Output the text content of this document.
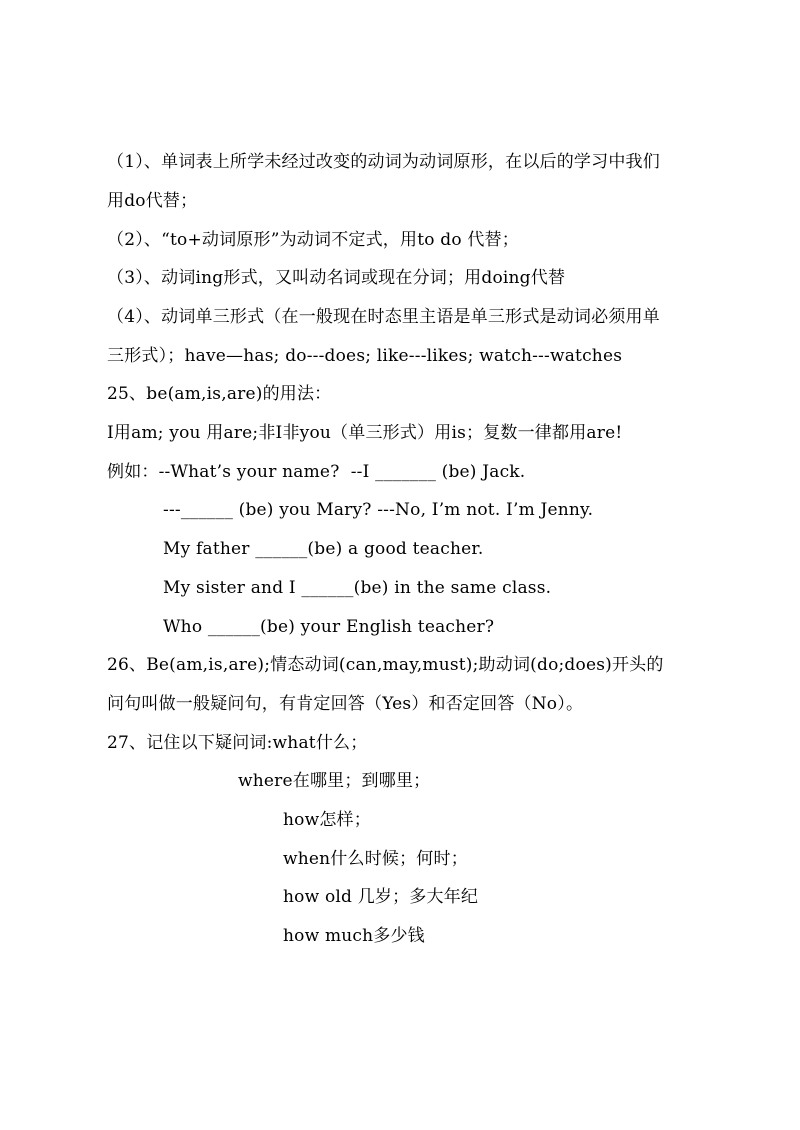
（1）、单词表上所学未经过改变的动词为动词原形，在以后的学习中我们
用do代替；
（2）、“to+动词原形”为动词不定式，用to do 代替；
（3）、动词ing形式，又叫动名词或现在分词；用doing代替
（4）、动词单三形式（在一般现在时态里主语是单三形式是动词必须用单
三形式）；have—has; do---does; like---likes; watch---watches
25、be(am,is,are)的用法：
I用am; you 用are;非I非you（单三形式）用is；复数一律都用are!
例如：--What’s your name?  --I _______ (be) Jack.
---______ (be) you Mary? ---No, I’m not. I’m Jenny.
My father ______(be) a good teacher.
My sister and I ______(be) in the same class.
Who ______(be) your English teacher?
26、Be(am,is,are);情态动词(can,may,must);助动词(do;does)开头的
问句叫做一般疑问句，有肯定回答（Yes）和否定回答（No）。
27、记住以下疑问词:what什么；
where在哪里；到哪里；
how怎样；
when什么时候；何时；
how old 几岁；多大年纪
how much多少钱
